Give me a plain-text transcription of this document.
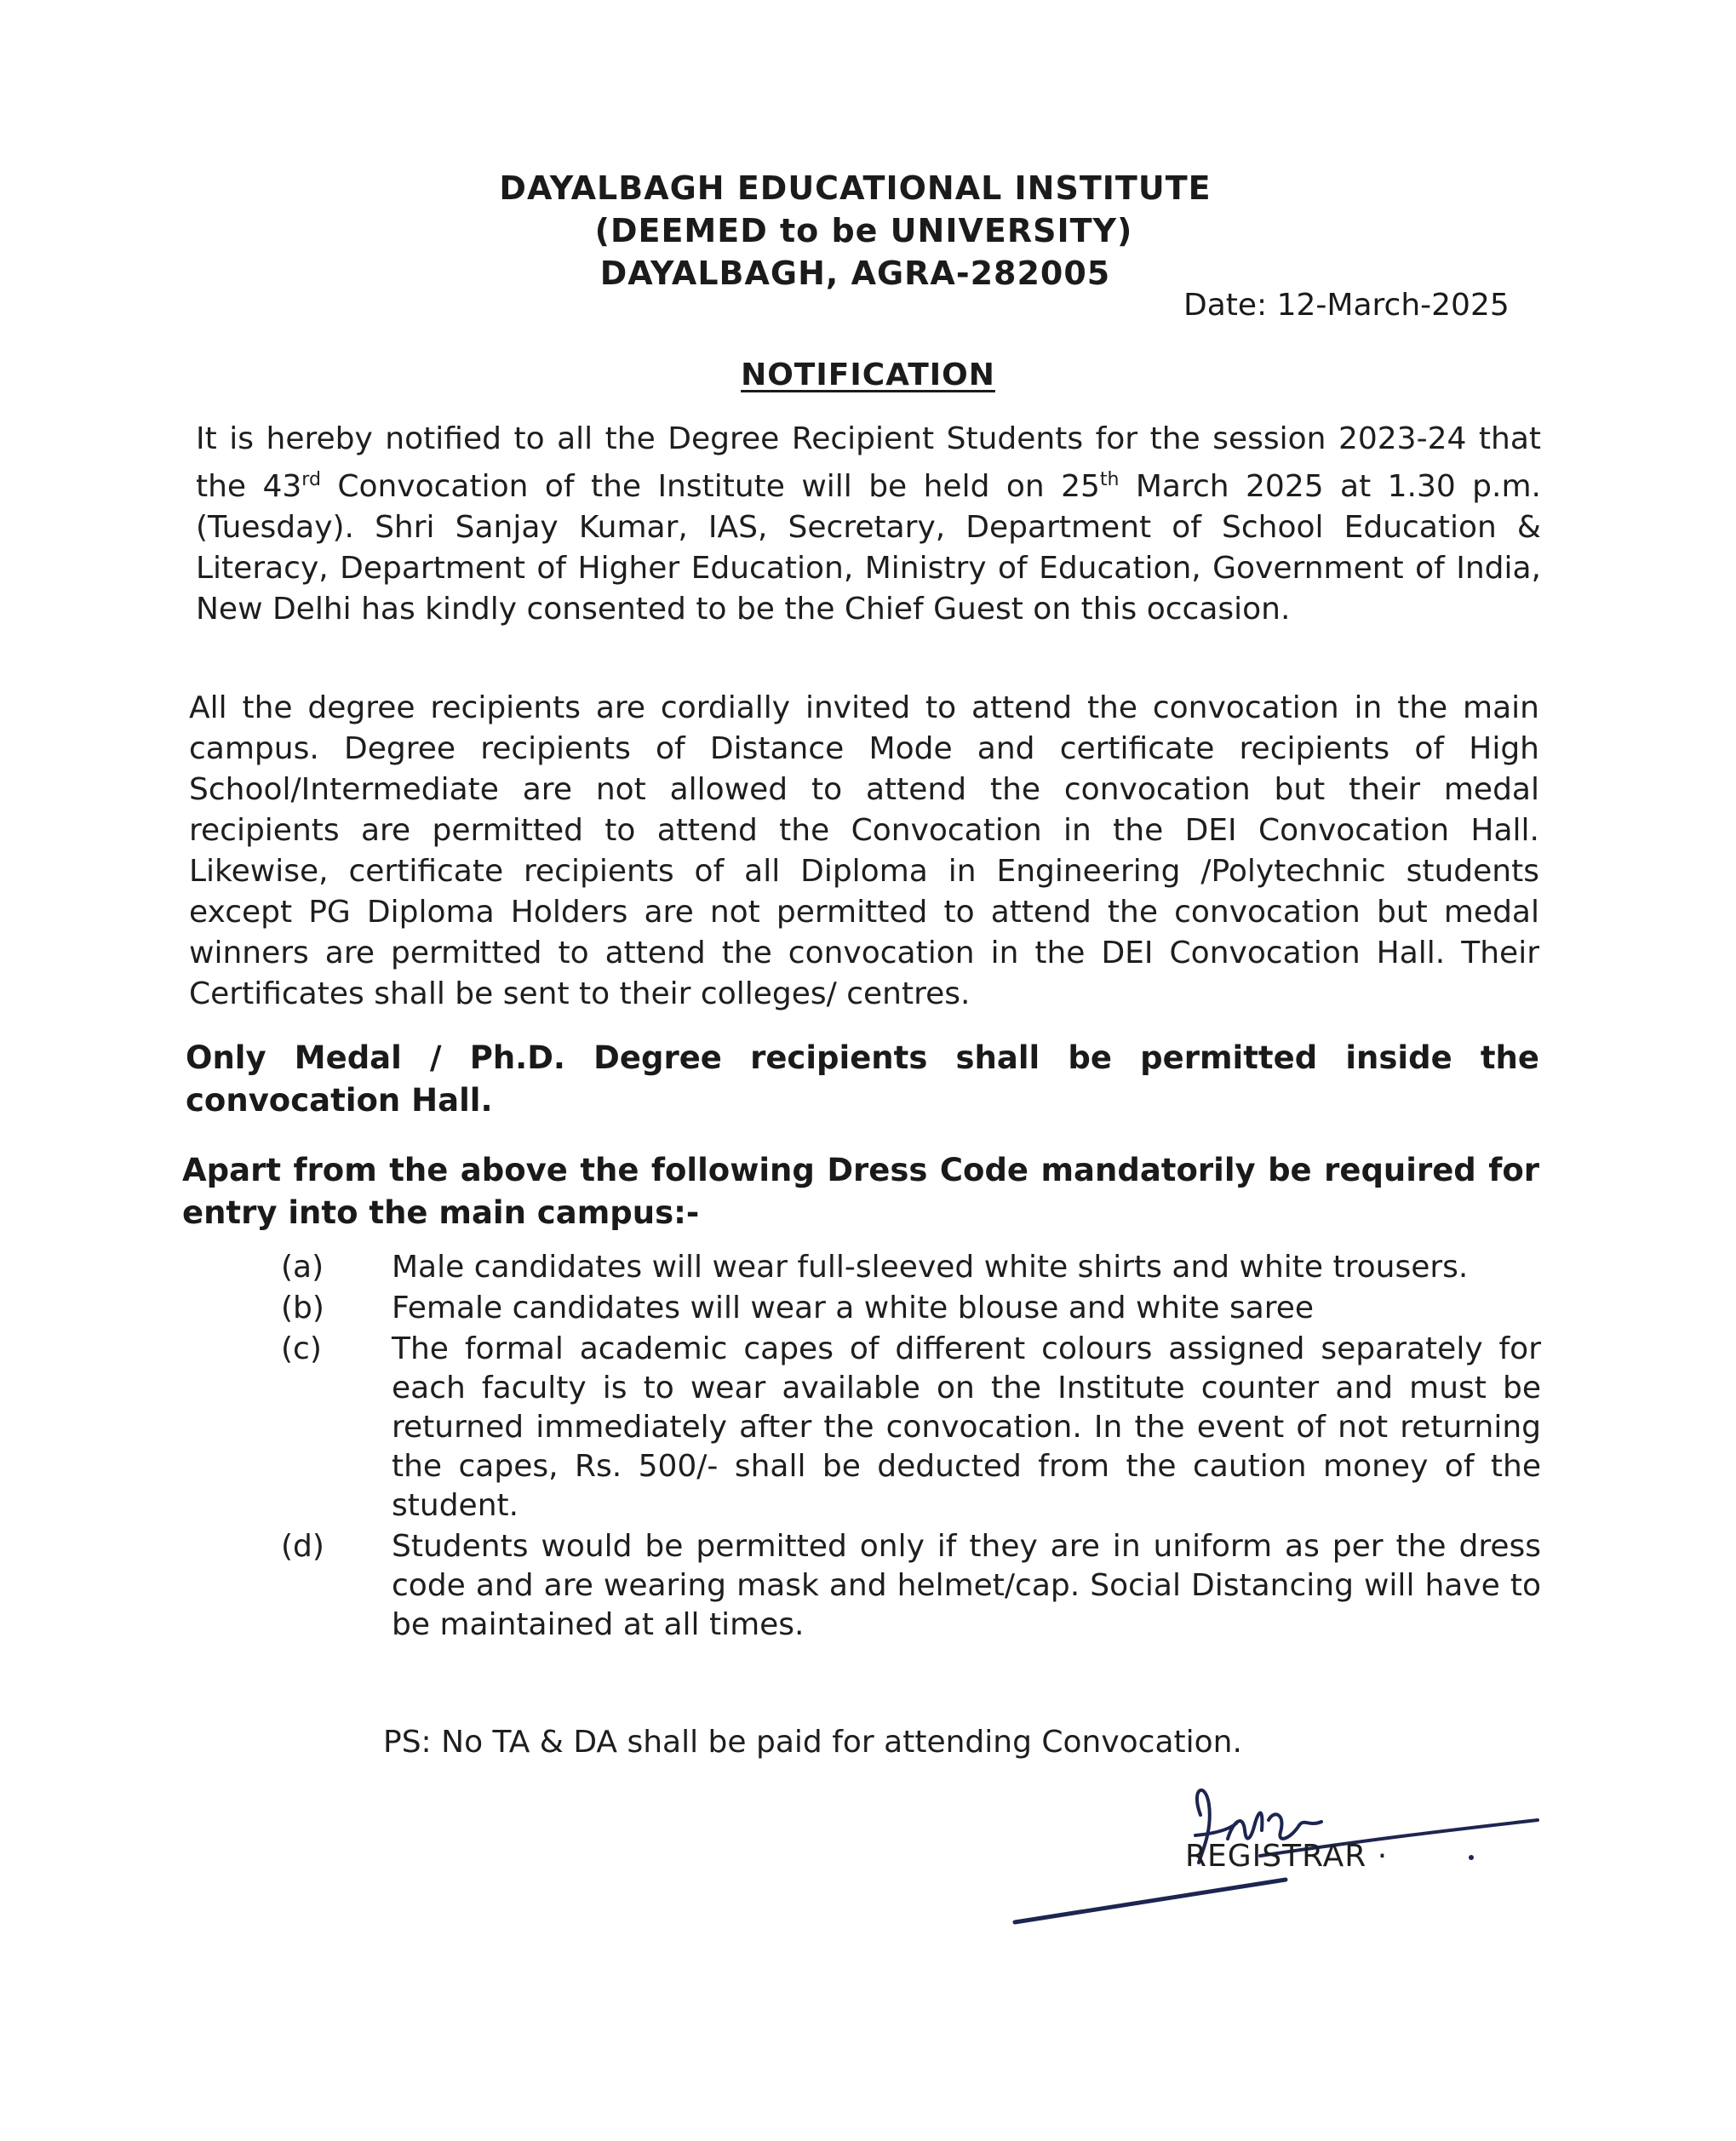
DAYALBAGH EDUCATIONAL INSTITUTE
(DEEMED to be UNIVERSITY)
DAYALBAGH, AGRA-282005
Date: 12-March-2025
NOTIFICATION
It is hereby notified to all the Degree Recipient Students for the session 2023-24 that the 43rd Convocation of the Institute will be held on 25th March 2025 at 1.30 p.m. (Tuesday). Shri Sanjay Kumar, IAS, Secretary, Department of School Education & Literacy, Department of Higher Education, Ministry of Education, Government of India, New Delhi has kindly consented to be the Chief Guest on this occasion.
All the degree recipients are cordially invited to attend the convocation in the main campus. Degree recipients of Distance Mode and certificate recipients of High School/Intermediate are not allowed to attend the convocation but their medal recipients are permitted to attend the Convocation in the DEI Convocation Hall. Likewise, certificate recipients of all Diploma in Engineering /Polytechnic students except PG Diploma Holders are not permitted to attend the convocation but medal winners are permitted to attend the convocation in the DEI Convocation Hall. Their Certificates shall be sent to their colleges/ centres.
Only Medal / Ph.D. Degree recipients shall be permitted inside the convocation Hall.
Apart from the above the following Dress Code mandatorily be required for entry into the main campus:-
(a)	Male candidates will wear full-sleeved white shirts and white trousers.
(b)	Female candidates will wear a white blouse and white saree
(c)	The formal academic capes of different colours assigned separately for each faculty is to wear available on the Institute counter and must be returned immediately after the convocation. In the event of not returning the capes, Rs. 500/- shall be deducted from the caution money of the student.
(d)	Students would be permitted only if they are in uniform as per the dress code and are wearing mask and helmet/cap. Social Distancing will have to be maintained at all times.
PS: No TA & DA shall be paid for attending Convocation.
REGISTRAR ·
